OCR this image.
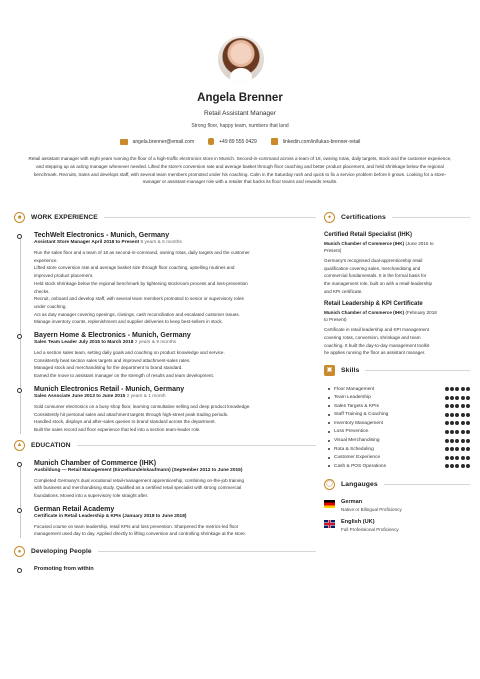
Angela Brenner
Retail Assistant Manager
Strong floor, happy team, numbers that land
angela.brenner@email.com	+49 89 555 0429	linkedin.com/in/lukas-brenner-retail
Retail assistant manager with eight years running the floor of a high-traffic electronics store in Munich. Second-in-command across a team of 18, owning rotas, daily targets, stock and the customer experience, and stepping up as acting manager whenever needed. Lifted the store's conversion rate and average basket through floor coaching and better product placement, and held shrinkage below the regional benchmark. Recruits, trains and develops staff, with several team members promoted under his coaching. Calm in the Saturday rush and quick to fix a service problem before it grows. Looking for a store-manager or assistant-manager role with a retailer that backs its floor teams and rewards results.
■	WORK EXPERIENCE
TechWelt Electronics - Munich, Germany
Assistant Store Manager April 2018 to Present 8 years & 5 months
Run the sales floor and a team of 18 as second-in-command, owning rotas, daily targets and the customer
experience.
Lifted store conversion rate and average basket size through floor coaching, upselling routines and
improved product placement.
Held stock shrinkage below the regional benchmark by tightening stockroom process and loss-prevention
checks.
Recruit, onboard and develop staff, with several team members promoted to senior or supervisory roles
under coaching.
Act as duty manager covering openings, closings, cash reconciliation and escalated customer issues.
Manage inventory counts, replenishment and supplier deliveries to keep best-sellers in stock.
Bayern Home & Electronics - Munich, Germany
Sales Team Leader July 2015 to March 2018 2 years & 9 months
Led a section sales team, setting daily goals and coaching on product knowledge and service.
Consistently beat section sales targets and improved attachment-sales rates.
Managed stock and merchandising for the department to brand standard.
Earned the move to assistant manager on the strength of results and team development.
Munich Electronics Retail - Munich, Germany
Sales Associate June 2013 to June 2015 2 years & 1 month
Sold consumer electronics on a busy shop floor, learning consultative selling and deep product knowledge.
Consistently hit personal sales and attachment targets through high-street peak trading periods.
Handled stock, displays and after-sales queries to brand standard across the department.
Built the sales record and floor experience that led into a section team-leader role.
▲	EDUCATION
Munich Chamber of Commerce (IHK)
Ausbildung — Retail Management (Einzelhandelskaufmann) (September 2012 to June 2015)
Completed Germany's dual vocational retail-management apprenticeship, combining on-the-job training
with business and merchandising study. Qualified as a certified retail specialist with strong commercial
foundations. Moved into a supervisory role straight after.
German Retail Academy
Certificate in Retail Leadership & KPIs (January 2018 to June 2018)
Focused course on team leadership, retail KPIs and loss prevention. Sharpened the metrics-led floor
management used day to day. Applied directly to lifting conversion and controlling shrinkage at the store.
●	Developing People
Promoting from within
✦	Certifications
Certified Retail Specialist (IHK)
Munich Chamber of Commerce (IHK) (June 2015 to
Present)
Germany's recognised dual-apprenticeship retail
qualification covering sales, merchandising and
commercial fundamentals. It is the formal basis for
the management role, built on with a retail-leadership
and KPI certificate.
Retail Leadership & KPI Certificate
Munich Chamber of Commerce (IHK) (February 2018
to Present)
Certificate in retail leadership and KPI management
covering rotas, conversion, shrinkage and team
coaching. It built the day-to-day management toolkit
he applies running the floor as assistant manager.
▣	Skills
Floor Management
Team Leadership
Sales Targets & KPIs
Staff Training & Coaching
Inventory Management
Loss Prevention
Visual Merchandising
Rota & Scheduling
Customer Experience
Cash & POS Operations
◯	Langauges
German
Native or Bilingual Proficiency
English (UK)
Full Professional Proficiency
